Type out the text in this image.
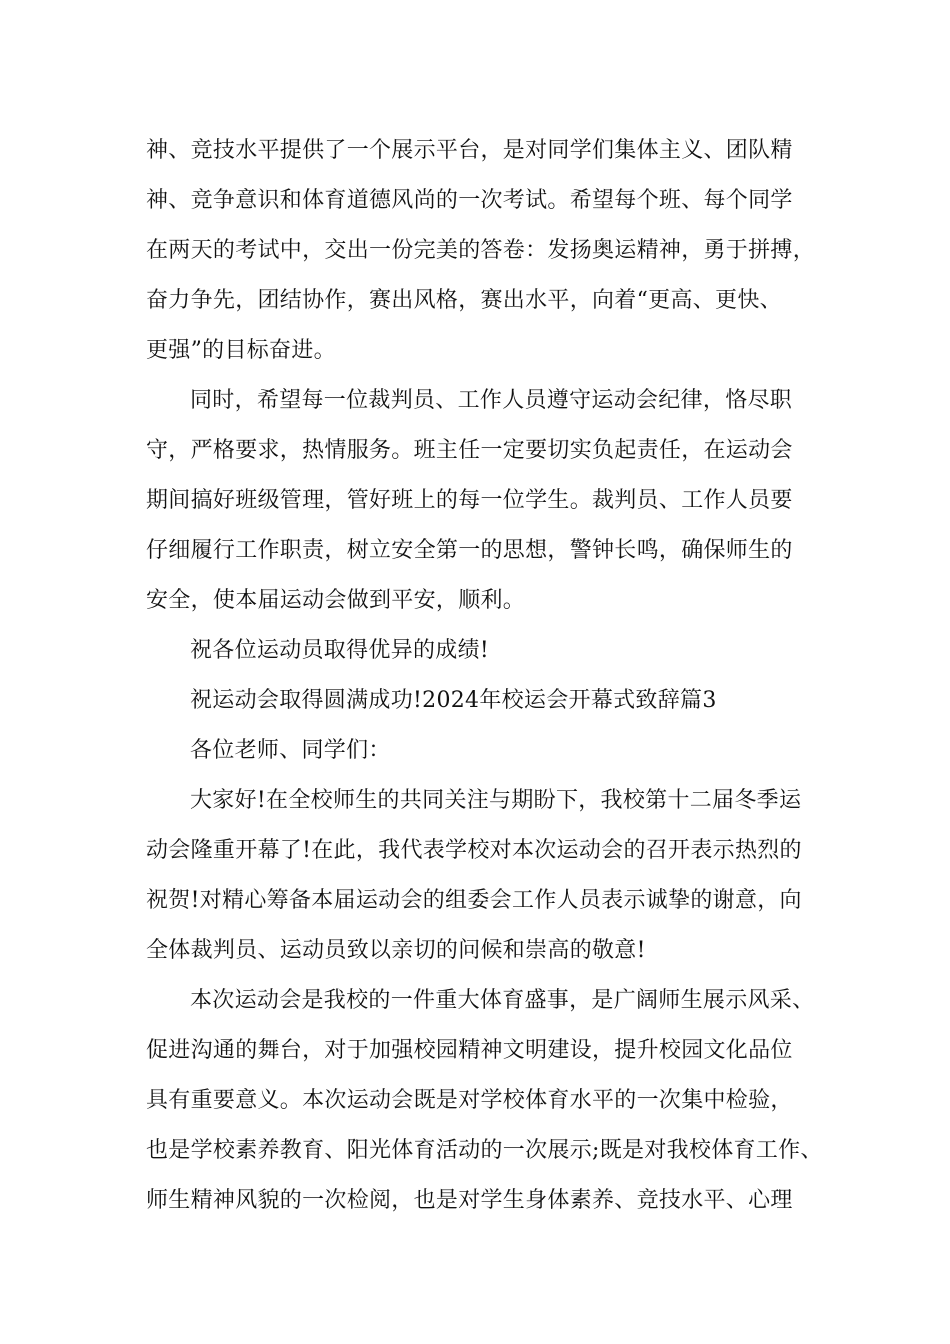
神、竞技水平提供了一个展示平台，是对同学们集体主义、团队精
神、竞争意识和体育道德风尚的一次考试。希望每个班、每个同学
在两天的考试中，交出一份完美的答卷：发扬奥运精神，勇于拼搏，
奋力争先，团结协作，赛出风格，赛出水平，向着“更高、更快、
更强”的目标奋进。
同时，希望每一位裁判员、工作人员遵守运动会纪律，恪尽职
守，严格要求，热情服务。班主任一定要切实负起责任，在运动会
期间搞好班级管理，管好班上的每一位学生。裁判员、工作人员要
仔细履行工作职责，树立安全第一的思想，警钟长鸣，确保师生的
安全，使本届运动会做到平安，顺利。
祝各位运动员取得优异的成绩!
祝运动会取得圆满成功!2024年校运会开幕式致辞篇3
各位老师、同学们：
大家好!在全校师生的共同关注与期盼下，我校第十二届冬季运
动会隆重开幕了!在此，我代表学校对本次运动会的召开表示热烈的
祝贺!对精心筹备本届运动会的组委会工作人员表示诚挚的谢意，向
全体裁判员、运动员致以亲切的问候和崇高的敬意!
本次运动会是我校的一件重大体育盛事，是广阔师生展示风采、
促进沟通的舞台，对于加强校园精神文明建设，提升校园文化品位
具有重要意义。本次运动会既是对学校体育水平的一次集中检验，
也是学校素养教育、阳光体育活动的一次展示;既是对我校体育工作、
师生精神风貌的一次检阅，也是对学生身体素养、竞技水平、心理
